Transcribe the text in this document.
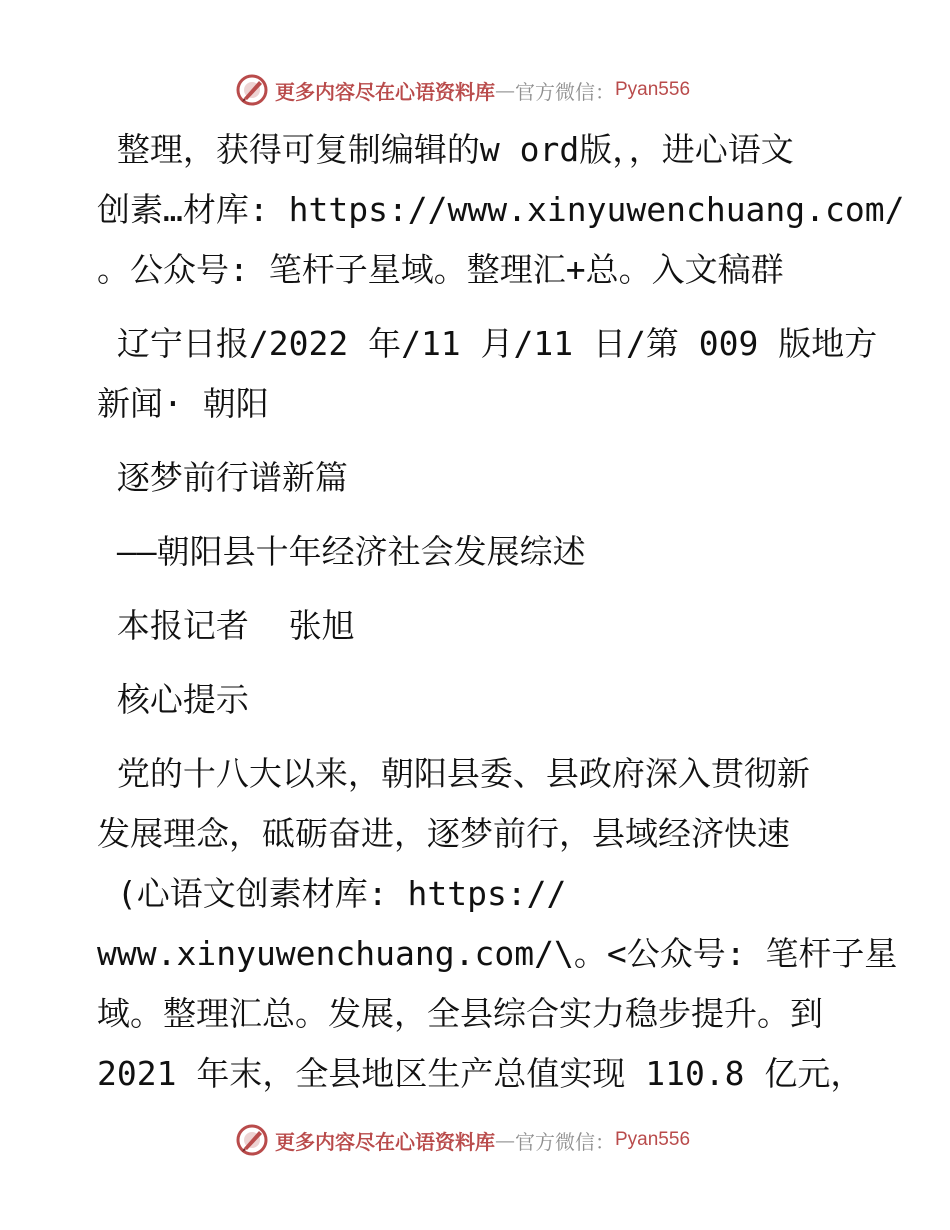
更多内容尽在心语资料库 — 官方微信： Pyan556
整理，获得可复制编辑的w ord版，，进心语文
创素…材库: https://www.xinyuwenchuang.com/
。公众号: 笔杆子星域。整理汇+总。入文稿群
辽宁日报/2022 年/11 月/11 日/第 009 版地方
新闻· 朝阳
逐梦前行谱新篇
——朝阳县十年经济社会发展综述
本报记者  张旭
核心提示
党的十八大以来，朝阳县委、县政府深入贯彻新
发展理念，砥砺奋进，逐梦前行，县域经济快速
(心语文创素材库: https://
www.xinyuwenchuang.com/\。<公众号: 笔杆子星
域。整理汇总。发展，全县综合实力稳步提升。到
2021 年末，全县地区生产总值实现 110.8 亿元，
更多内容尽在心语资料库 — 官方微信： Pyan556
